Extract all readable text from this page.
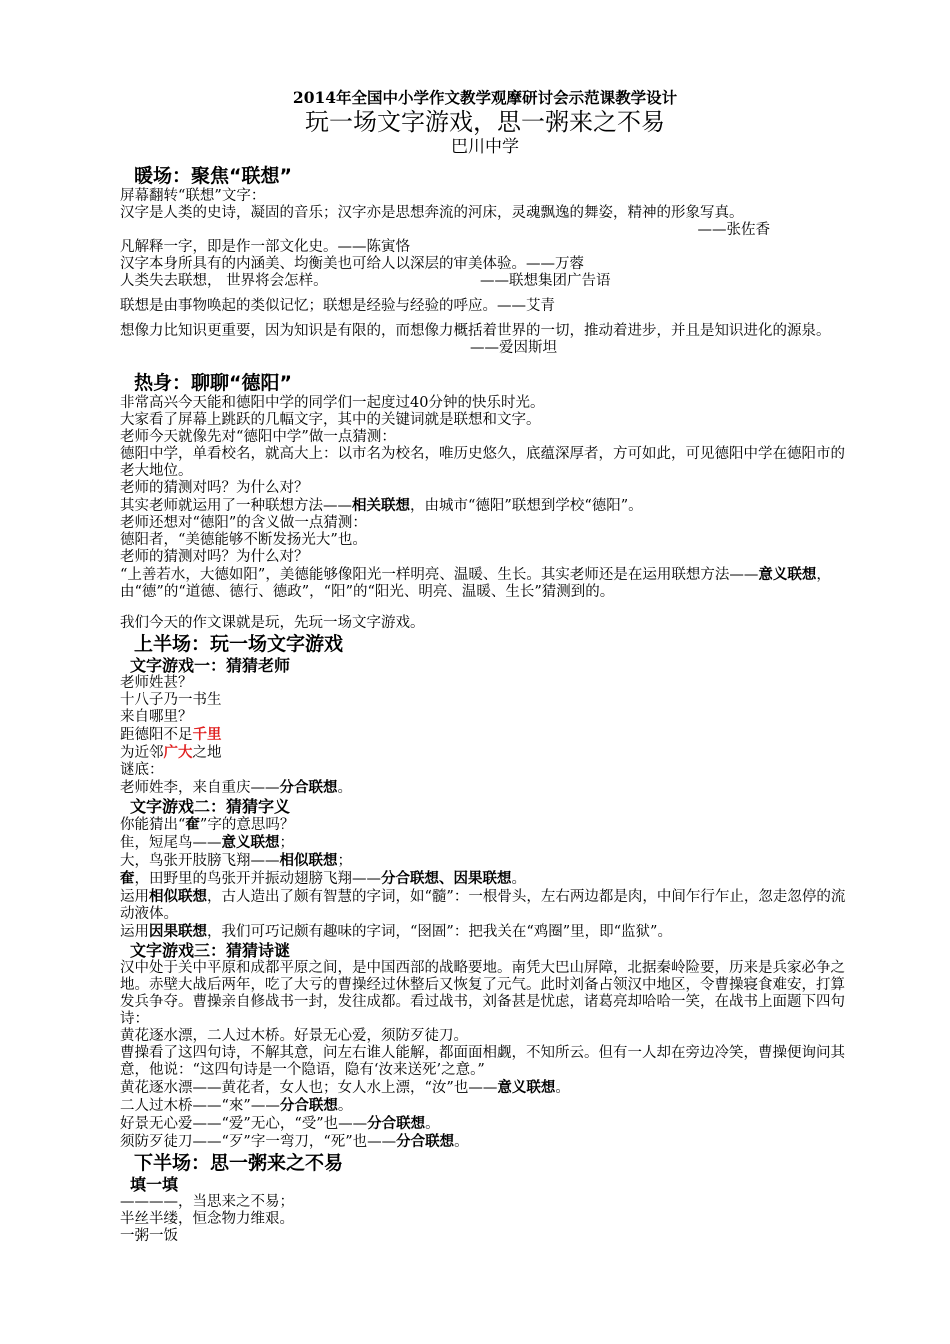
2014年全国中小学作文教学观摩研讨会示范课教学设计
玩一场文字游戏，思一粥来之不易
巴川中学
暖场：聚焦“联想”

屏幕翻转“联想”文字：

汉字是人类的史诗，凝固的音乐；汉字亦是思想奔流的河床，灵魂飘逸的舞姿，精神的形象写真。

——张佐香

凡解释一字，即是作一部文化史。——陈寅恪

汉字本身所具有的内涵美、均衡美也可给人以深层的审美体验。——万蓉

人类失去联想， 世界将会怎样。	——联想集团广告语

联想是由事物唤起的类似记忆；联想是经验与经验的呼应。——艾青

想像力比知识更重要，因为知识是有限的，而想像力概括着世界的一切，推动着进步，并且是知识进化的源泉。

——爱因斯坦

热身：聊聊“德阳”

非常高兴今天能和德阳中学的同学们一起度过40分钟的快乐时光。

大家看了屏幕上跳跃的几幅文字，其中的关键词就是联想和文字。

老师今天就像先对“德阳中学”做一点猜测：

德阳中学，单看校名，就高大上：以市名为校名，唯历史悠久，底蕴深厚者，方可如此，可见德阳中学在德阳市的老大地位。

老师的猜测对吗？为什么对？

其实老师就运用了一种联想方法——相关联想，由城市“德阳”联想到学校“德阳”。

老师还想对“德阳”的含义做一点猜测：

德阳者，“美德能够不断发扬光大”也。

老师的猜测对吗？为什么对？

“上善若水，大德如阳”，美德能够像阳光一样明亮、温暖、生长。其实老师还是在运用联想方法——意义联想，由“德”的“道德、德行、德政”，“阳”的“阳光、明亮、温暖、生长”猜测到的。

我们今天的作文课就是玩，先玩一场文字游戏。

上半场：玩一场文字游戏
文字游戏一：猜猜老师

老师姓甚？

十八子乃一书生

来自哪里？

距德阳不足千里

为近邻广大之地

谜底：

老师姓李，来自重庆——分合联想。

文字游戏二：猜猜字义

你能猜出“奞”字的意思吗？

隹，短尾鸟——意义联想；

大，鸟张开肢膀飞翔——相似联想；

奞，田野里的鸟张开并振动翅膀飞翔——分合联想、因果联想。

运用相似联想，古人造出了颇有智慧的字词，如“髓”：一根骨头，左右两边都是肉，中间乍行乍止，忽走忽停的流动液体。

运用因果联想，我们可巧记颇有趣味的字词，“囹圄”：把我关在“鸡圈”里，即“监狱”。

文字游戏三：猜猜诗谜

汉中处于关中平原和成都平原之间，是中国西部的战略要地。南凭大巴山屏障，北据秦岭险要，历来是兵家必争之地。赤壁大战后两年，吃了大亏的曹操经过休整后又恢复了元气。此时刘备占领汉中地区，令曹操寝食难安，打算发兵争夺。曹操亲自修战书一封，发往成都。看过战书，刘备甚是忧虑，诸葛亮却哈哈一笑，在战书上面题下四句诗：

黄花逐水漂，二人过木桥。好景无心爱，须防歹徒刀。

曹操看了这四句诗，不解其意，问左右谁人能解，都面面相觑，不知所云。但有一人却在旁边冷笑，曹操便询问其意，他说：“这四句诗是一个隐语，隐有‘汝来送死’之意。”

黄花逐水漂——黄花者，女人也；女人水上漂，“汝”也——意义联想。

二人过木桥——“來”——分合联想。

好景无心爱——“爱”无心，“受”也——分合联想。

须防歹徒刀——“歹”字一弯刀，“死”也——分合联想。

下半场：思一粥来之不易
填一填

————，当思来之不易；

半丝半缕，恒念物力维艰。

一粥一饭
